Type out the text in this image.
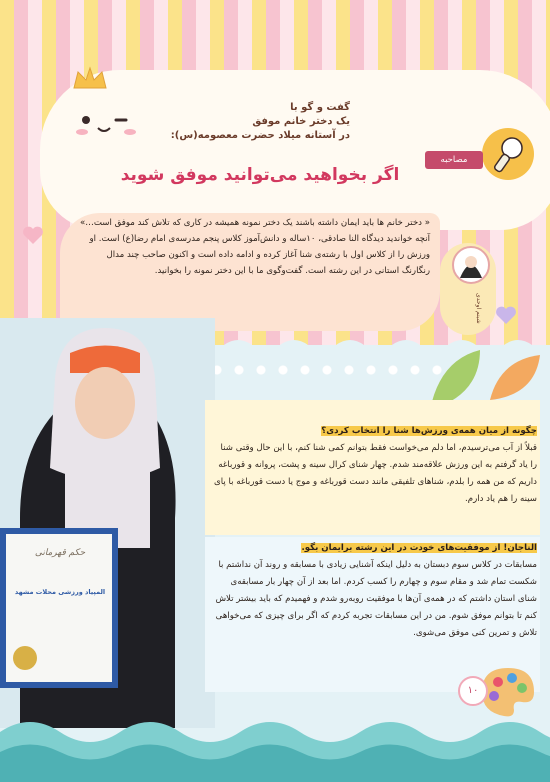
گفت و گو با
یک دختر خانم موفق
در آستانه میلاد حضرت معصومه(س):
مصاحبه
اگر بخواهید می‌توانید موفق شوید
« دختر خانم ها باید ایمان داشته باشند یک دختر نمونه همیشه در کاری که تلاش کند موفق است…»
آنچه خواندید دیدگاه النا صادقی، ۱۰ساله و دانش‌آموز کلاس پنجم مدرسه‌ی امام رضا(ع) است. او ورزش را از کلاس اول با رشته‌ی شنا آغاز کرده و ادامه داده است و اکنون صاحب چند مدال رنگارنگ استانی در این رشته است. گفت‌وگوی ما با این دختر نمونه را بخوانید.
شبنم اوحدی
حکم قهرمانی
المپیاد ورزشی محلات مشهد
چگونه از میان همه‌ی ورزش‌ها شنا را انتخاب کردی؟
قبلاً از آب می‌ترسیدم، اما دلم می‌خواست فقط بتوانم کمی شنا کنم، با این حال وقتی شنا را یاد گرفتم به این ورزش علاقه‌مند شدم. چهار شنای کرال سینه و پشت، پروانه و قورباغه داریم که من همه را بلدم، شناهای تلفیقی مانند دست قورباغه و موج یا دست قورباغه با پای سینه را هم یاد دارم.
الناجان! از موفقیت‌های خودت در این رشته برایمان بگو.
مسابقات در کلاس سوم دبستان به دلیل اینکه آشنایی زیادی با مسابقه و روند آن نداشتم با شکست تمام شد و مقام سوم و چهارم را کسب کردم. اما بعد از آن چهار بار مسابقه‌ی شنای استان داشتم که در همه‌ی آن‌ها با موفقیت روبه‌رو شدم و فهمیدم که باید بیشتر تلاش کنم تا بتوانم موفق شوم. من در این مسابقات تجربه کردم که اگر برای چیزی که می‌خواهی تلاش و تمرین کنی موفق می‌شوی.
۱۰
